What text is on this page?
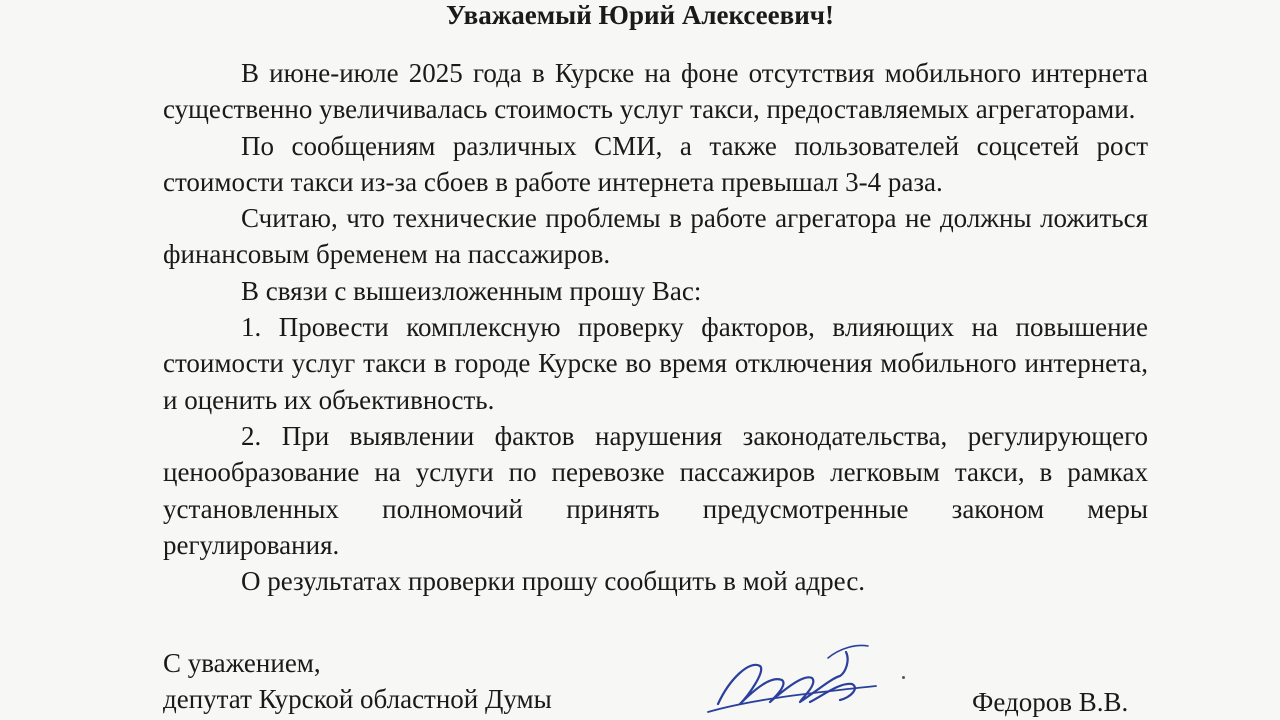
Уважаемый Юрий Алексеевич!

В июне-июле 2025 года в Курске на фоне отсутствия мобильного интернета существенно увеличивалась стоимость услуг такси, предоставляемых агрегаторами.

По сообщениям различных СМИ, а также пользователей соцсетей рост стоимости такси из-за сбоев в работе интернета превышал 3-4 раза.

Считаю, что технические проблемы в работе агрегатора не должны ложиться финансовым бременем на пассажиров.

В связи с вышеизложенным прошу Вас:

1. Провести комплексную проверку факторов, влияющих на повышение стоимости услуг такси в городе Курске во время отключения мобильного интернета, и оценить их объективность.

2. При выявлении фактов нарушения законодательства, регулирующего ценообразование на услуги по перевозке пассажиров легковым такси, в рамках установленных полномочий принять предусмотренные законом меры регулирования.

О результатах проверки прошу сообщить в мой адрес.

С уважением,
депутат Курской областной Думы	Федоров В.В.
